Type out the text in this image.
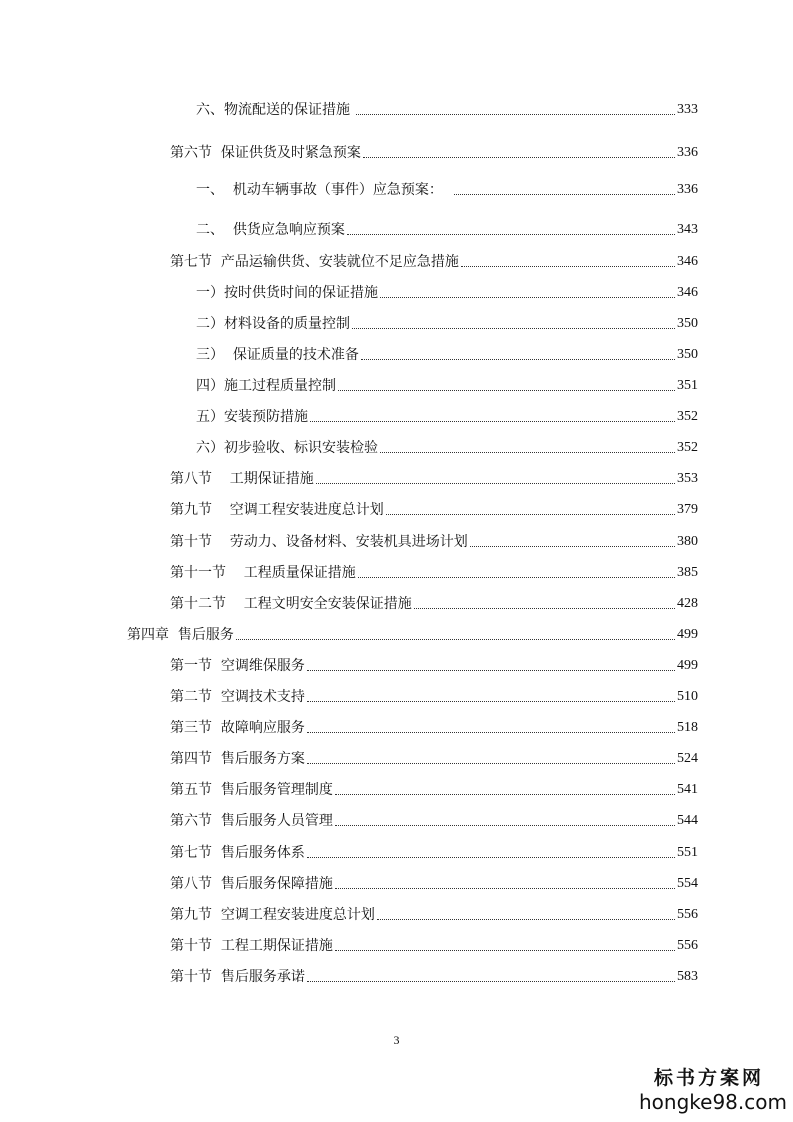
六、物流配送的保证措施	333
第六节  保证供货及时紧急预案	336
一、  机动车辆事故（事件）应急预案：	336
二、  供货应急响应预案	343
第七节  产品运输供货、安装就位不足应急措施	346
一）按时供货时间的保证措施	346
二）材料设备的质量控制	350
三）  保证质量的技术准备	350
四）施工过程质量控制	351
五）安装预防措施	352
六）初步验收、标识安装检验	352
第八节    工期保证措施	353
第九节    空调工程安装进度总计划	379
第十节    劳动力、设备材料、安装机具进场计划	380
第十一节    工程质量保证措施	385
第十二节    工程文明安全安装保证措施	428
第四章  售后服务	499
第一节  空调维保服务	499
第二节  空调技术支持	510
第三节  故障响应服务	518
第四节  售后服务方案	524
第五节  售后服务管理制度	541
第六节  售后服务人员管理	544
第七节  售后服务体系	551
第八节  售后服务保障措施	554
第九节  空调工程安装进度总计划	556
第十节  工程工期保证措施	556
第十节  售后服务承诺	583
3
标书方案网
hongke98.com
